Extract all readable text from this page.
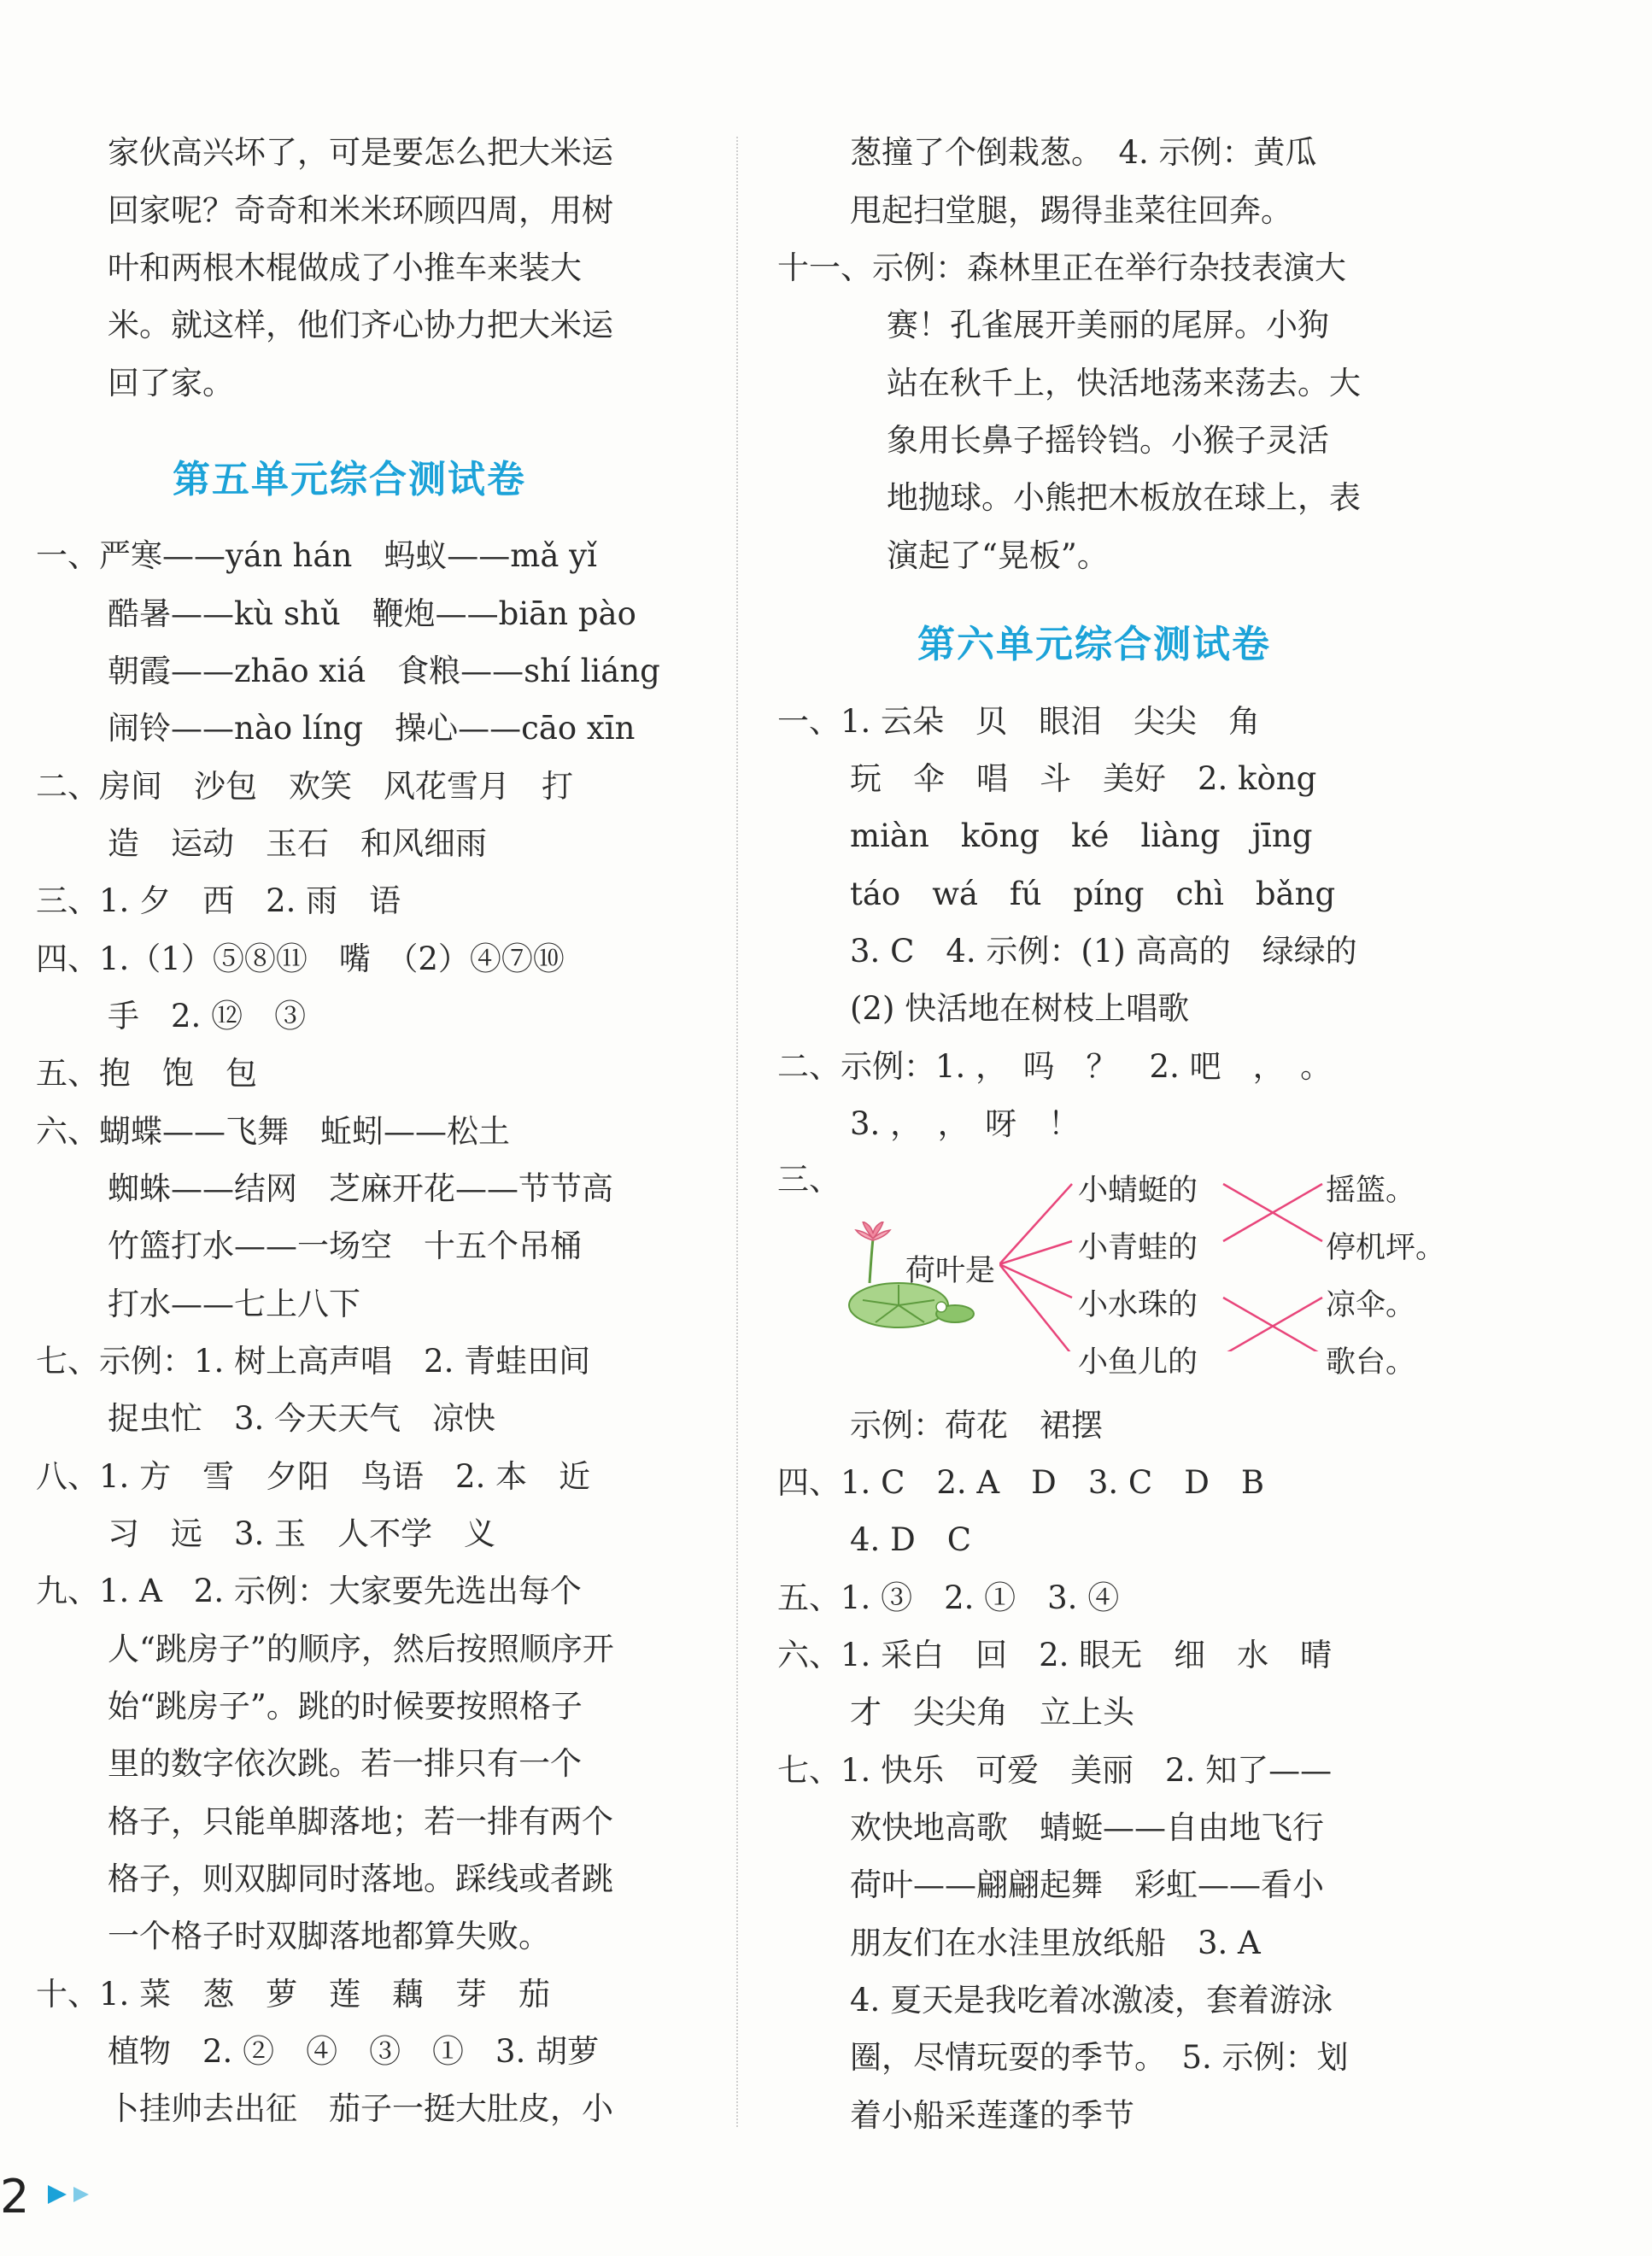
家伙高兴坏了，可是要怎么把大米运
回家呢？奇奇和米米环顾四周，用树
叶和两根木棍做成了小推车来装大
米。就这样，他们齐心协力把大米运
回了家。
第五单元综合测试卷
一、严寒——yán hán　蚂蚁——mǎ yǐ
酷暑——kù shǔ　鞭炮——biān pào
朝霞——zhāo xiá　食粮——shí liáng
闹铃——nào líng　操心——cāo xīn
二、房间　沙包　欢笑　风花雪月　打
造　运动　玉石　和风细雨
三、1. 夕　西　2. 雨　语
四、1.（1）⑤⑧⑪　嘴　（2）④⑦⑩
手　2. ⑫　③
五、抱　饱　包
六、蝴蝶——飞舞　蚯蚓——松土
蜘蛛——结网　芝麻开花——节节高
竹篮打水——一场空　十五个吊桶
打水——七上八下
七、示例：1. 树上高声唱　2. 青蛙田间
捉虫忙　3. 今天天气　凉快
八、1. 方　雪　夕阳　鸟语　2. 本　近
习　远　3. 玉　人不学　义
九、1. A　2. 示例：大家要先选出每个
人“跳房子”的顺序，然后按照顺序开
始“跳房子”。跳的时候要按照格子
里的数字依次跳。若一排只有一个
格子，只能单脚落地；若一排有两个
格子，则双脚同时落地。踩线或者跳
一个格子时双脚落地都算失败。
十、1. 菜　葱　萝　莲　藕　芽　茄
植物　2. ②　④　③　①　3. 胡萝
卜挂帅去出征　茄子一挺大肚皮，小
葱撞了个倒栽葱。　4. 示例：黄瓜
甩起扫堂腿，踢得韭菜往回奔。
十一、示例：森林里正在举行杂技表演大
赛！孔雀展开美丽的尾屏。小狗
站在秋千上，快活地荡来荡去。大
象用长鼻子摇铃铛。小猴子灵活
地抛球。小熊把木板放在球上，表
演起了“晃板”。
第六单元综合测试卷
一、1. 云朵　贝　眼泪　尖尖　角
玩　伞　唱　斗　美好　2. kòng
miàn　kōng　ké　liàng　jīng
táo　wá　fú　píng　chì　bǎng
3. C　4. 示例：(1) 高高的　绿绿的
(2) 快活地在树枝上唱歌
二、示例：1. ，　吗　？　2. 吧　，　。
3. ，　，　呀　！
三、
荷叶是
小蜻蜓的
小青蛙的
小水珠的
小鱼儿的
摇篮。
停机坪。
凉伞。
歌台。
示例：荷花　裙摆
四、1. C　2. A　D　3. C　D　B
4. D　C
五、1. ③　2. ①　3. ④
六、1. 采白　回　2. 眼无　细　水　晴
才　尖尖角　立上头
七、1. 快乐　可爱　美丽　2. 知了——
欢快地高歌　蜻蜓——自由地飞行
荷叶——翩翩起舞　彩虹——看小
朋友们在水洼里放纸船　3. A
4. 夏天是我吃着冰激凌，套着游泳
圈，尽情玩耍的季节。　5. 示例：划
着小船采莲蓬的季节
2
